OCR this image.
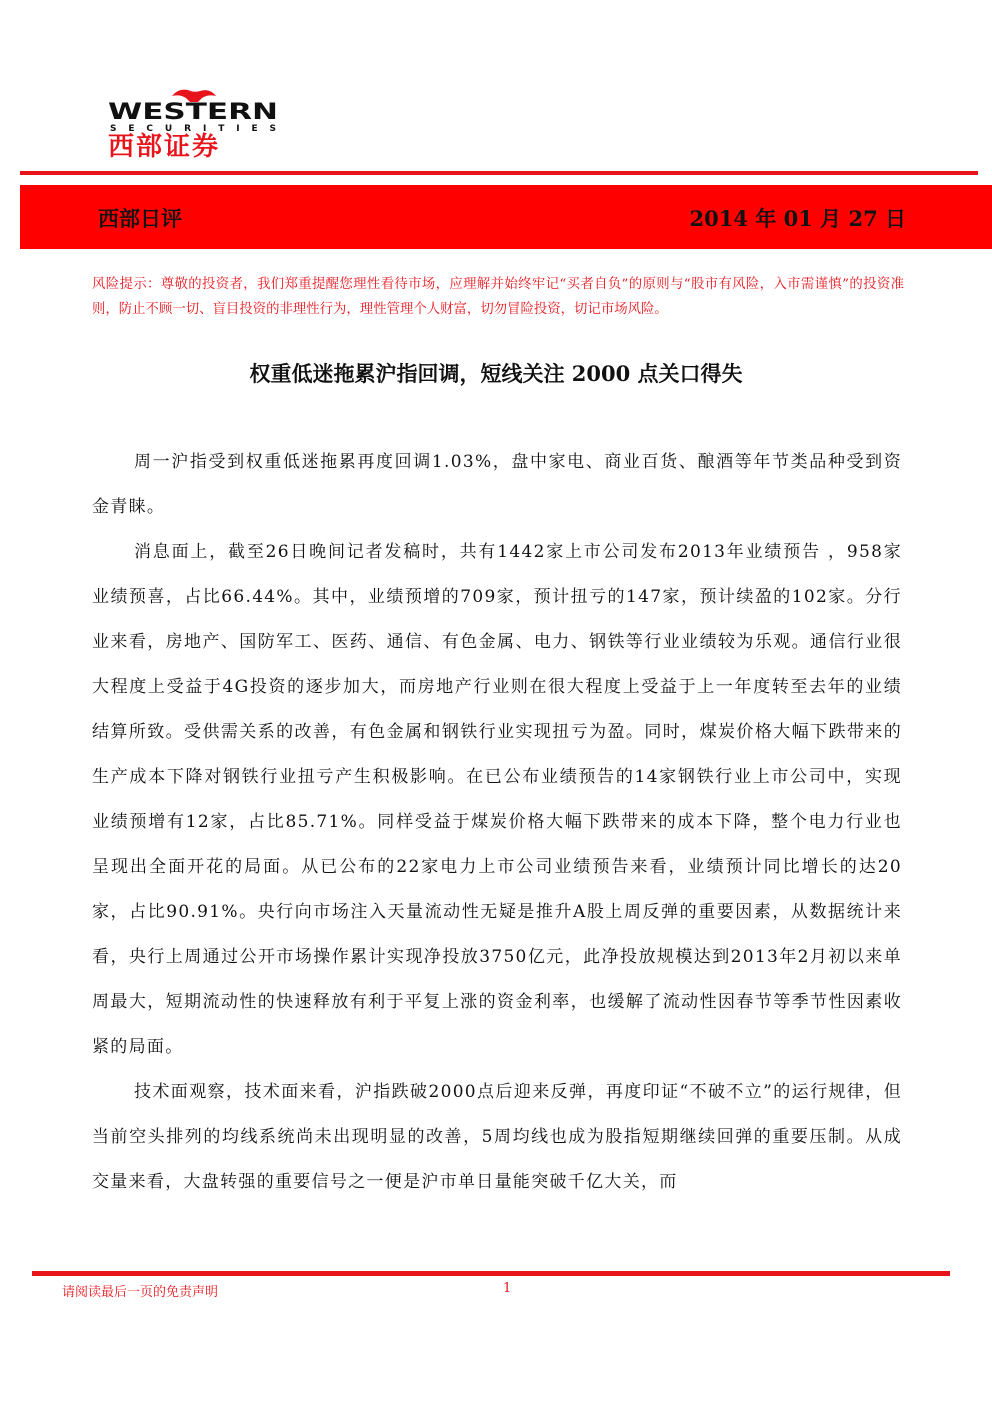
WESTERN
SECURITIES
西部证券
西部日评	2014 年 01 月 27 日
风险提示：尊敬的投资者，我们郑重提醒您理性看待市场，应理解并始终牢记“买者自负”的原则与“股市有风险，入市需谨慎”的投资准则，防止不顾一切、盲目投资的非理性行为，理性管理个人财富，切勿冒险投资，切记市场风险。
权重低迷拖累沪指回调，短线关注 2000 点关口得失

周一沪指受到权重低迷拖累再度回调1.03%，盘中家电、商业百货、酿酒等年节类品种受到资金青睐。

消息面上，截至26日晚间记者发稿时，共有1442家上市公司发布2013年业绩预告 ，958家业绩预喜，占比66.44%。其中，业绩预增的709家，预计扭亏的147家，预计续盈的102家。分行业来看，房地产、国防军工、医药、通信、有色金属、电力、钢铁等行业业绩较为乐观。通信行业很大程度上受益于4G投资的逐步加大，而房地产行业则在很大程度上受益于上一年度转至去年的业绩结算所致。受供需关系的改善，有色金属和钢铁行业实现扭亏为盈。同时，煤炭价格大幅下跌带来的生产成本下降对钢铁行业扭亏产生积极影响。在已公布业绩预告的14家钢铁行业上市公司中，实现业绩预增有12家，占比85.71%。同样受益于煤炭价格大幅下跌带来的成本下降，整个电力行业也呈现出全面开花的局面。从已公布的22家电力上市公司业绩预告来看，业绩预计同比增长的达20家，占比90.91%。央行向市场注入天量流动性无疑是推升A股上周反弹的重要因素，从数据统计来看，央行上周通过公开市场操作累计实现净投放3750亿元，此净投放规模达到2013年2月初以来单周最大，短期流动性的快速释放有利于平复上涨的资金利率，也缓解了流动性因春节等季节性因素收紧的局面。

技术面观察，技术面来看，沪指跌破2000点后迎来反弹，再度印证“不破不立”的运行规律，但当前空头排列的均线系统尚未出现明显的改善，5周均线也成为股指短期继续回弹的重要压制。从成交量来看，大盘转强的重要信号之一便是沪市单日量能突破千亿大关，而

请阅读最后一页的免责声明	1
